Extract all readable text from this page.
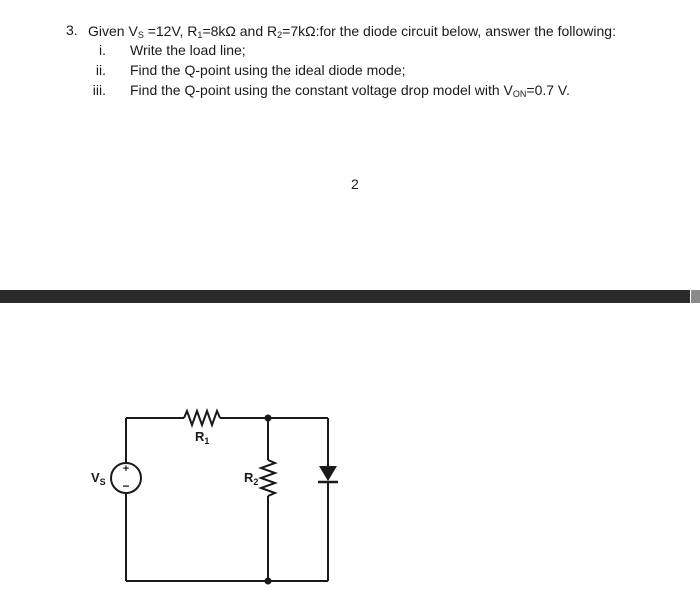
3. Given $V_S =12V$, $R_1=8k\Omega$ and $R_2=7k\Omega:for$ the diode circuit below, answer the following:
i. Write the load line;
ii. Find the Q-point using the ideal diode mode;
iii. Find the Q-point using the constant voltage drop model with $V_{ON}=0.7$ V.
2
+
−
$V_S$
$R_1$
$R_2$
